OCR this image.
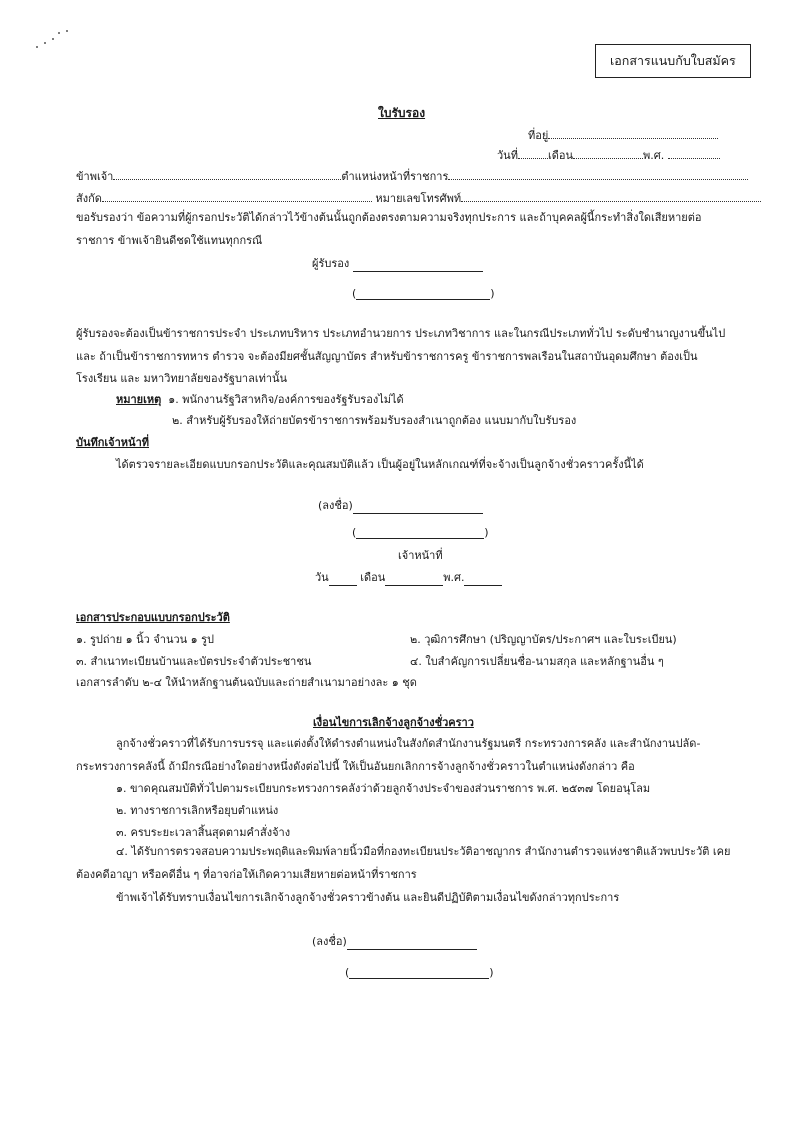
เอกสารแนบกับใบสมัคร
ใบรับรอง
ที่อยู่
วันที่	เดือน	พ.ศ.
ข้าพเจ้า	ตำแหน่งหน้าที่ราชการ
สังกัด	หมายเลขโทรศัพท์
ขอรับรองว่า ข้อความที่ผู้กรอกประวัติได้กล่าวไว้ข้างต้นนั้นถูกต้องตรงตามความจริงทุกประการ และถ้าบุคคลผู้นี้กระทำสิ่งใดเสียหายต่อราชการ ข้าพเจ้ายินดีชดใช้แทนทุกกรณี
ผู้รับรอง
(	)
ผู้รับรองจะต้องเป็นข้าราชการประจำ ประเภทบริหาร ประเภทอำนวยการ ประเภทวิชาการ และในกรณีประเภททั่วไป ระดับชำนาญงานขึ้นไป และ ถ้าเป็นข้าราชการทหาร ตำรวจ จะต้องมียศชั้นสัญญาบัตร สำหรับข้าราชการครู ข้าราชการพลเรือนในสถาบันอุดมศึกษา ต้องเป็นโรงเรียน และ มหาวิทยาลัยของรัฐบาลเท่านั้น
หมายเหตุ ๑. พนักงานรัฐวิสาหกิจ/องค์การของรัฐรับรองไม่ได้
๒. สำหรับผู้รับรองให้ถ่ายบัตรข้าราชการพร้อมรับรองสำเนาถูกต้อง แนบมากับใบรับรอง
บันทึกเจ้าหน้าที่
ได้ตรวจรายละเอียดแบบกรอกประวัติและคุณสมบัติแล้ว เป็นผู้อยู่ในหลักเกณฑ์ที่จะจ้างเป็นลูกจ้างชั่วคราวครั้งนี้ได้
(ลงชื่อ)
(	)
เจ้าหน้าที่
วัน	เดือน	พ.ศ.
เอกสารประกอบแบบกรอกประวัติ
๑. รูปถ่าย ๑ นิ้ว จำนวน ๑ รูป	๒. วุฒิการศึกษา (ปริญญาบัตร/ประกาศฯ และใบระเบียน)
๓. สำเนาทะเบียนบ้านและบัตรประจำตัวประชาชน	๔. ใบสำคัญการเปลี่ยนชื่อ-นามสกุล และหลักฐานอื่น ๆ
เอกสารลำดับ ๒-๔ ให้นำหลักฐานต้นฉบับและถ่ายสำเนามาอย่างละ ๑ ชุด
เงื่อนไขการเลิกจ้างลูกจ้างชั่วคราว
ลูกจ้างชั่วคราวที่ได้รับการบรรจุ และแต่งตั้งให้ดำรงตำแหน่งในสังกัดสำนักงานรัฐมนตรี กระทรวงการคลัง และสำนักงานปลัด-กระทรวงการคลังนี้ ถ้ามีกรณีอย่างใดอย่างหนึ่งดังต่อไปนี้ ให้เป็นอันยกเลิกการจ้างลูกจ้างชั่วคราวในตำแหน่งดังกล่าว คือ
๑. ขาดคุณสมบัติทั่วไปตามระเบียบกระทรวงการคลังว่าด้วยลูกจ้างประจำของส่วนราชการ พ.ศ. ๒๕๓๗ โดยอนุโลม
๒. ทางราชการเลิกหรือยุบตำแหน่ง
๓. ครบระยะเวลาสิ้นสุดตามคำสั่งจ้าง
๔. ได้รับการตรวจสอบความประพฤติและพิมพ์ลายนิ้วมือที่กองทะเบียนประวัติอาชญากร สำนักงานตำรวจแห่งชาติแล้วพบประวัติ เคยต้องคดีอาญา หรือคดีอื่น ๆ ที่อาจก่อให้เกิดความเสียหายต่อหน้าที่ราชการ
ข้าพเจ้าได้รับทราบเงื่อนไขการเลิกจ้างลูกจ้างชั่วคราวข้างต้น และยินดีปฏิบัติตามเงื่อนไขดังกล่าวทุกประการ
(ลงชื่อ)
(	)
